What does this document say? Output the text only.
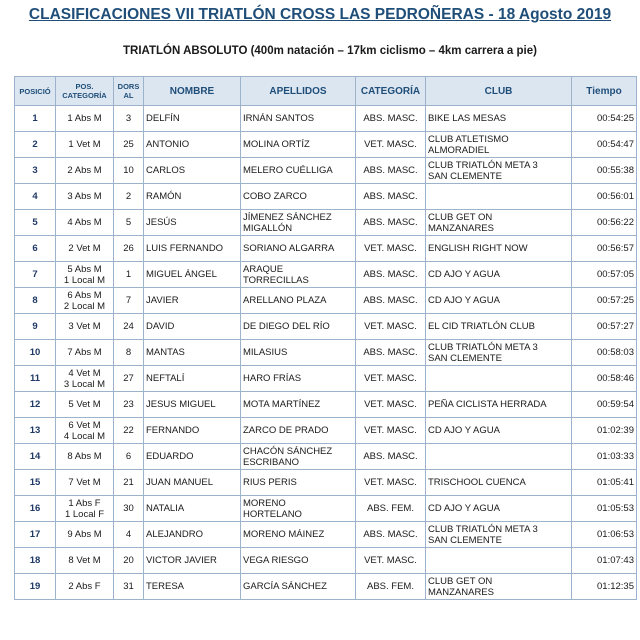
CLASIFICACIONES VII TRIATLÓN CROSS LAS PEDROÑERAS - 18 Agosto 2019
TRIATLÓN ABSOLUTO (400m natación – 17km ciclismo – 4km carrera a pie)
POSICIÓ	POS.
CATEGORÍA	DORS
AL	NOMBRE	APELLIDOS	CATEGORÍA	CLUB	Tiempo
1	1 Abs M	3	DELFÍN	IRNÁN SANTOS	ABS. MASC.	BIKE LAS MESAS	00:54:25
2	1 Vet M	25	ANTONIO	MOLINA ORTÍZ	VET. MASC.	CLUB ATLETISMO
ALMORADIEL	00:54:47
3	2 Abs M	10	CARLOS	MELERO CUÉLLIGA	ABS. MASC.	CLUB TRIATLÓN META 3
SAN CLEMENTE	00:55:38
4	3 Abs M	2	RAMÓN	COBO ZARCO	ABS. MASC.		00:56:01
5	4 Abs M	5	JESÚS	JÍMENEZ SÁNCHEZ
MIGALLÓN	ABS. MASC.	CLUB GET ON
MANZANARES	00:56:22
6	2 Vet M	26	LUIS FERNANDO	SORIANO ALGARRA	VET. MASC.	ENGLISH RIGHT NOW	00:56:57
7	5 Abs M
1 Local M	1	MIGUEL ÁNGEL	ARAQUE
TORRECILLAS	ABS. MASC.	CD AJO Y AGUA	00:57:05
8	6 Abs M
2 Local M	7	JAVIER	ARELLANO PLAZA	ABS. MASC.	CD AJO Y AGUA	00:57:25
9	3 Vet M	24	DAVID	DE DIEGO DEL RÍO	VET. MASC.	EL CID TRIATLÓN CLUB	00:57:27
10	7 Abs M	8	MANTAS	MILASIUS	ABS. MASC.	CLUB TRIATLÓN META 3
SAN CLEMENTE	00:58:03
11	4 Vet M
3 Local M	27	NEFTALÍ	HARO FRÍAS	VET. MASC.		00:58:46
12	5 Vet M	23	JESUS MIGUEL	MOTA MARTÍNEZ	VET. MASC.	PEÑA CICLISTA HERRADA	00:59:54
13	6 Vet M
4 Local M	22	FERNANDO	ZARCO DE PRADO	VET. MASC.	CD AJO Y AGUA	01:02:39
14	8 Abs M	6	EDUARDO	CHACÓN SÁNCHEZ
ESCRIBANO	ABS. MASC.		01:03:33
15	7 Vet M	21	JUAN MANUEL	RIUS PERIS	VET. MASC.	TRISCHOOL CUENCA	01:05:41
16	1 Abs F
1 Local F	30	NATALIA	MORENO
HORTELANO	ABS. FEM.	CD AJO Y AGUA	01:05:53
17	9 Abs M	4	ALEJANDRO	MORENO MÁINEZ	ABS. MASC.	CLUB TRIATLÓN META 3
SAN CLEMENTE	01:06:53
18	8 Vet M	20	VICTOR JAVIER	VEGA RIESGO	VET. MASC.		01:07:43
19	2 Abs F	31	TERESA	GARCÍA SÁNCHEZ	ABS. FEM.	CLUB GET ON
MANZANARES	01:12:35
